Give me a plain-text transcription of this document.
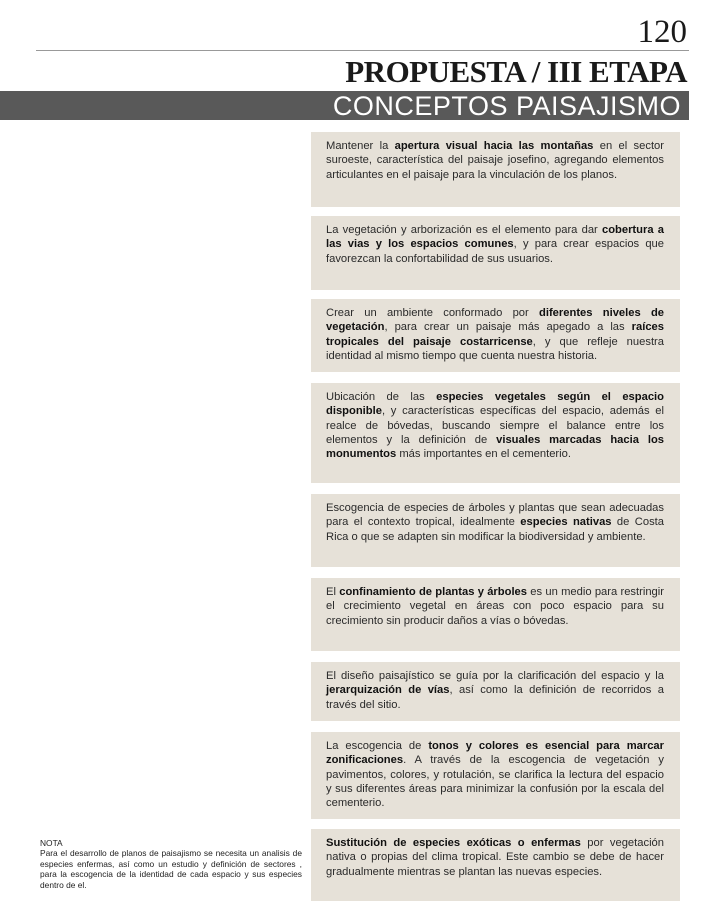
120
PROPUESTA / III ETAPA
CONCEPTOS PAISAJISMO
Mantener la apertura visual hacia las montañas en el sector suroeste, característica del paisaje josefino, agregando elementos articulantes en el paisaje para la vinculación de los planos.
La vegetación y arborización es el elemento para dar cobertura a las vias y los espacios comunes, y para crear espacios que favorezcan la confortabilidad de sus usuarios.
Crear un ambiente conformado por diferentes niveles de vegetación, para crear un paisaje más apegado a las raíces tropicales del paisaje costarricense, y que refleje nuestra identidad al mismo tiempo que cuenta nuestra historia.
Ubicación de las especies vegetales según el espacio disponible, y características específicas del espacio, además el realce de bóvedas, buscando siempre el balance entre los elementos y la definición de visuales marcadas hacia los monumentos más importantes en el cementerio.
Escogencia de especies de árboles y plantas que sean adecuadas para el contexto tropical, idealmente especies nativas de Costa Rica o que se adapten sin modificar la biodiversidad y ambiente.
El confinamiento de plantas y árboles es un medio para restringir el crecimiento vegetal en áreas con poco espacio para su crecimiento sin producir daños a vías o bóvedas.
El diseño paisajístico se guía por la clarificación del espacio y la jerarquización de vías, así como la definición de recorridos a través del sitio.
La escogencia de tonos y colores es esencial para marcar zonificaciones. A través de la escogencia de vegetación y pavimentos, colores, y rotulación, se clarifica la lectura del espacio y sus diferentes áreas para minimizar la confusión por la escala del cementerio.
Sustitución de especies exóticas o enfermas por vegetación nativa o propias del clima tropical. Este cambio se debe de hacer gradualmente mientras se plantan las nuevas especies.
NOTA
Para el desarrollo de planos de paisajismo se necesita un analisis de especies enfermas, así como un estudio y definición de sectores , para la escogencia de la identidad de cada espacio y sus especies dentro de el.
